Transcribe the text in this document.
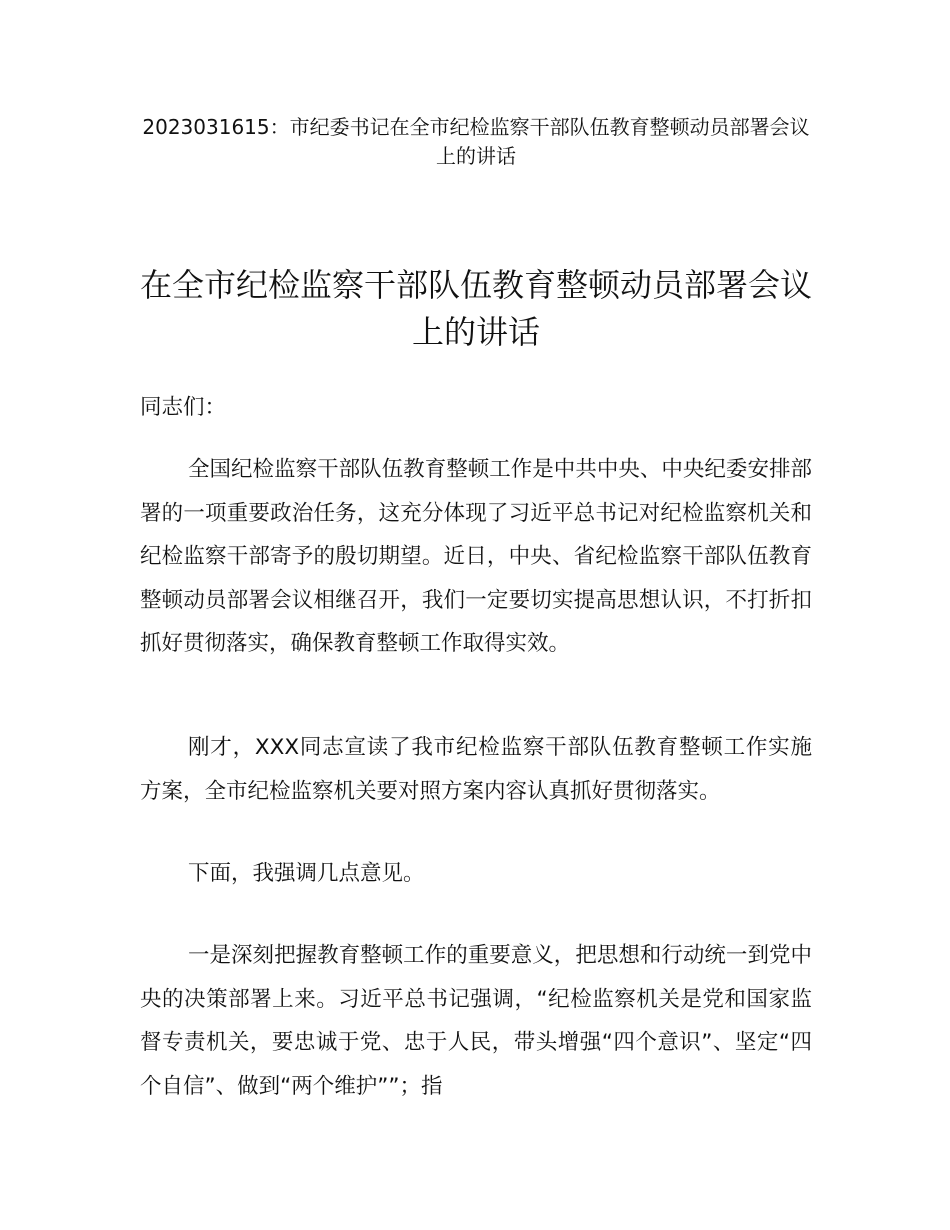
2023031615：市纪委书记在全市纪检监察干部队伍教育整顿动员部署会议上的讲话
在全市纪检监察干部队伍教育整顿动员部署会议上的讲话
同志们：

全国纪检监察干部队伍教育整顿工作是中共中央、中央纪委安排部署的一项重要政治任务，这充分体现了习近平总书记对纪检监察机关和纪检监察干部寄予的殷切期望。近日，中央、省纪检监察干部队伍教育整顿动员部署会议相继召开，我们一定要切实提高思想认识，不打折扣抓好贯彻落实，确保教育整顿工作取得实效。

刚才，XXX同志宣读了我市纪检监察干部队伍教育整顿工作实施方案，全市纪检监察机关要对照方案内容认真抓好贯彻落实。

下面，我强调几点意见。

一是深刻把握教育整顿工作的重要意义，把思想和行动统一到党中央的决策部署上来。习近平总书记强调，“纪检监察机关是党和国家监督专责机关，要忠诚于党、忠于人民，带头增强“四个意识”、坚定“四个自信”、做到“两个维护””；指
